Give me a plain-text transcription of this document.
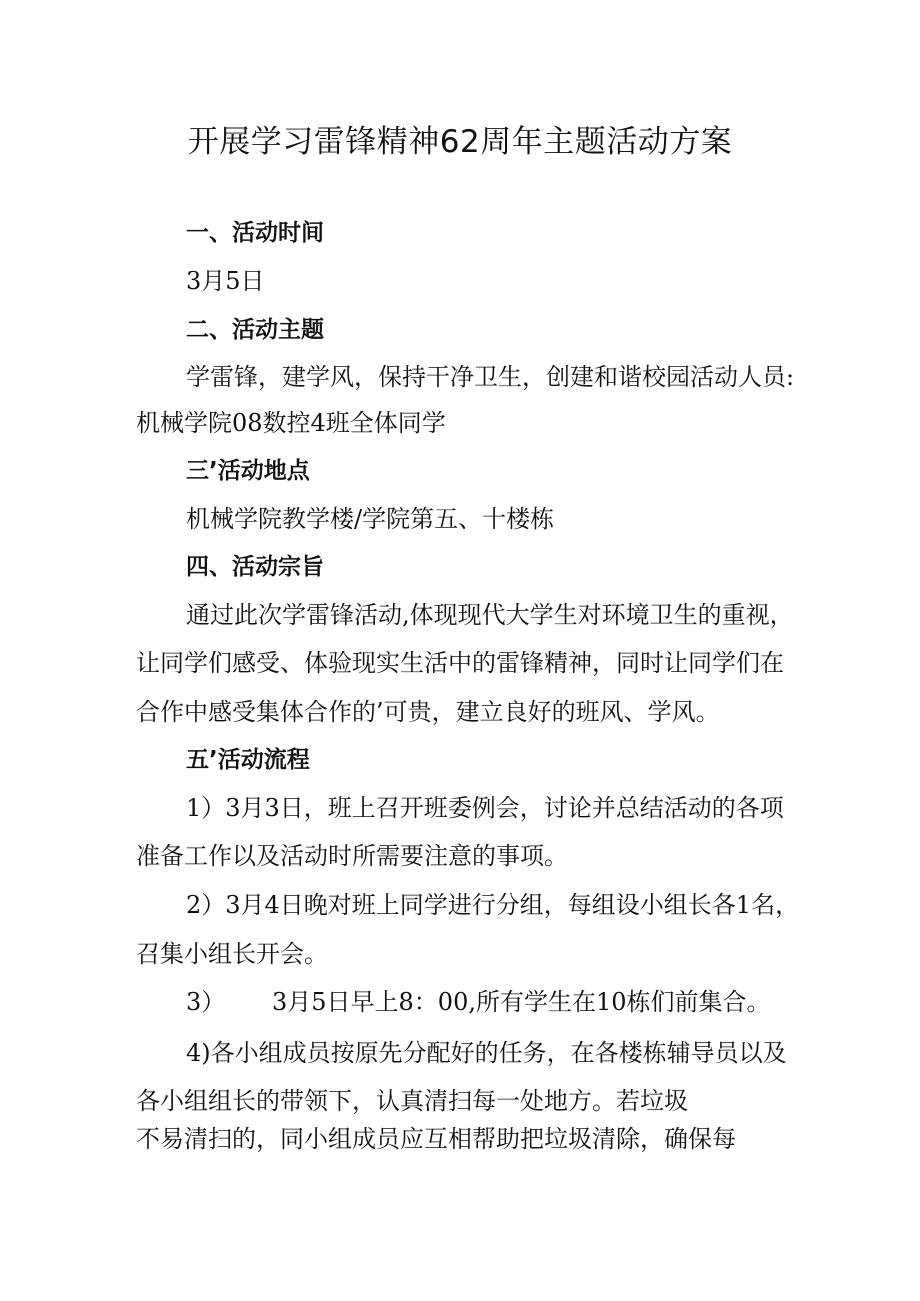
开展学习雷锋精神62周年主题活动方案
一、活动时间
3月5日
二、活动主题
学雷锋，建学风，保持干净卫生，创建和谐校园活动人员:
机械学院08数控4班全体同学
三’活动地点
机械学院教学楼/学院第五、十楼栋
四、活动宗旨
通过此次学雷锋活动,体现现代大学生对环境卫生的重视，
让同学们感受、体验现实生活中的雷锋精神，同时让同学们在
合作中感受集体合作的’可贵，建立良好的班风、学风。
五’活动流程
1）3月3日，班上召开班委例会，讨论并总结活动的各项
准备工作以及活动时所需要注意的事项。
2）3月4日晚对班上同学进行分组，每组设小组长各1名，
召集小组长开会。
3） 3月5日早上8：00,所有学生在10栋们前集合。
4)各小组成员按原先分配好的任务，在各楼栋辅导员以及
各小组组长的带领下，认真清扫每一处地方。若垃圾
不易清扫的，同小组成员应互相帮助把垃圾清除，确保每
